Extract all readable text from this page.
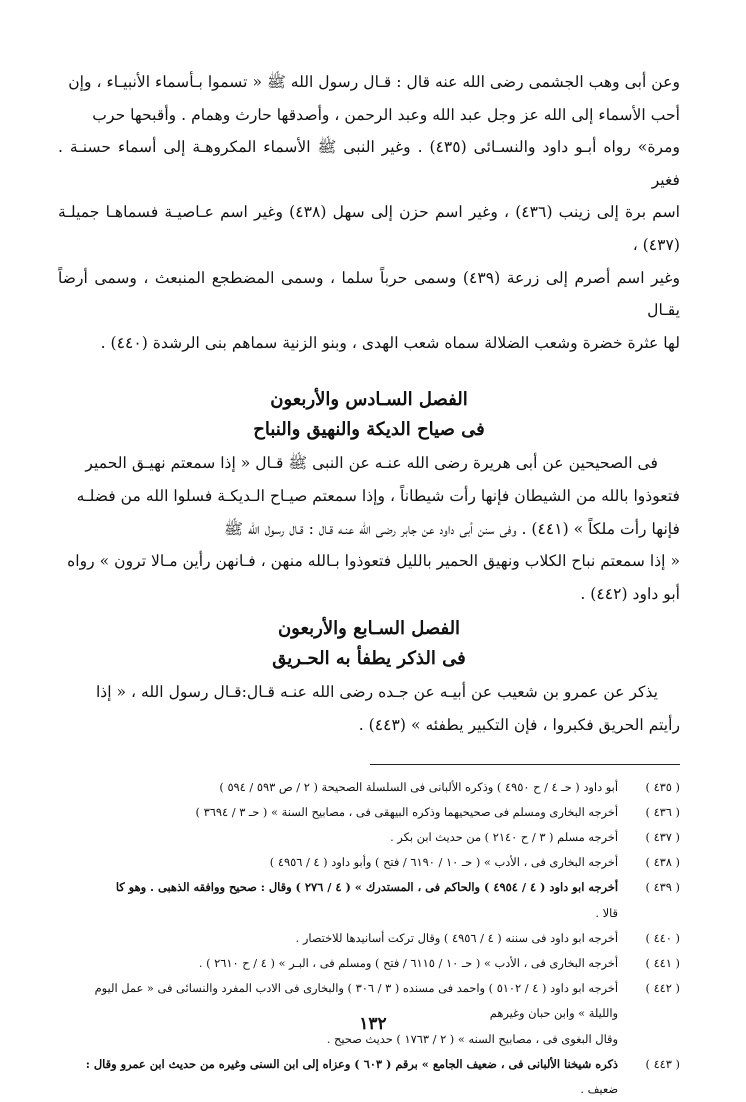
وعن أبى وهب الجشمى رضى الله عنه قال : قـال رسول الله ﷺ « تسموا بـأسماء الأنبيـاء ، وإن

أحب الأسماء إلى الله عز وجل عبد الله وعبد الرحمن ، وأصدقها حارث وهمام . وأقبحها حرب

ومرة» رواه أبـو داود والنسـائى (٤٣٥) . وغير النبى ﷺ الأسماء المكروهـة إلى أسماء حسنـة . فغير

اسم برة إلى زينب (٤٣٦) ، وغير اسم حزن إلى سهل (٤٣٨) وغير اسم عـاصيـة فسماهـا جميلـة (٤٣٧) ،

وغير اسم أصرم إلى زرعة (٤٣٩) وسمى حرباً سلما ، وسمى المضطجع المنبعث ، وسمى أرضاً يقـال

لها عثرة خضرة وشعب الضلالة سماه شعب الهدى ، وبنو الزنية سماهم بنى الرشدة (٤٤٠) .

الفصل السـادس والأربعون

فى صياح الديكة والنهيق والنباح

فى الصحيحين عن أبى هريرة رضى الله عنـه عن النبى ﷺ قـال « إذا سمعتم نهيـق الحمير

فتعوذوا بالله من الشيطان فإنها رأت شيطاناً ، وإذا سمعتم صيـاح الـديكـة فسلوا الله من فضلـه

فإنها رأت ملكاً » (٤٤١) . وفى سنن أبى داود عن جابر رضى الله عنـه قـال : قـال رسول الله ﷺ

« إذا سمعتم نباح الكلاب ونهيق الحمير بالليل فتعوذوا بـالله منهن ، فـانهن رأين مـالا ترون » رواه

أبو داود (٤٤٢) .

الفصل السـابع والأربعون

فى الذكر يطفأ به الحـريق

يذكر عن عمرو بن شعيب عن أبيـه عن جـده رضى الله عنـه قـال:قـال رسول الله ، « إذا

رأيتم الحريق فكبروا ، فإن التكبير يطفئه » (٤٤٣) .

( ٤٣٥ )
أبو داود ( حـ ٤ / ح ٤٩٥٠ ) وذكره الألبانى فى السلسلة الصحيحة ( ٢ / ص ٥٩٣ / ٥٩٤ )
( ٤٣٦ )
أخرجه البخارى ومسلم فى صحيحيهما وذكره البيهقى فى ، مصابيح السنة » ( حـ ٣ / ٣٦٩٤ )
( ٤٣٧ )
أخرجه مسلم ( ٣ / ح ٢١٤٠ ) من حديث ابن بكر .
( ٤٣٨ )
أخرجه البخارى فى ، الأدب » ( حـ ١٠ / ٦١٩٠ / فتح ) وأبو داود ( ٤ / ٤٩٥٦ )
( ٤٣٩ )
أخرجه ابو داود ( ٤ / ٤٩٥٤ ) والحاكم فى ، المستدرك » ( ٤ / ٢٧٦ ) وقال : صحيح ووافقه الذهبى . وهو كا
قالا .
( ٤٤٠ )
أخرجه ابو داود فى سننه ( ٤ / ٤٩٥٦ ) وقال تركت أسانيدها للاختصار .
( ٤٤١ )
أخرجه البخارى فى ، الأدب » ( حـ ١٠ / ٦١١٥ / فتح ) ومسلم فى ، البـر » ( ٤ / ح ٢٦١٠ ) .
( ٤٤٢ )
أخرجه ابو داود ( ٤ / ٥١٠٢ ) واحمد فى مسنده ( ٣ / ٣٠٦ ) والبخارى فى الادب المفرد والنسائى فى « عمل اليوم
والليلة » وابن حبان وغيرهم
وقال البغوى فى ، مصابيح السنه » ( ٢ / ١٧٦٣ ) حديث صحيح .
( ٤٤٣ )
ذكره شيخنا الألبانى فى ، ضعيف الجامع » برقم ( ٦٠٣ ) وعزاه إلى ابن السنى وغيره من حديث ابن عمرو وقال :
ضعيف .
١٣٢
